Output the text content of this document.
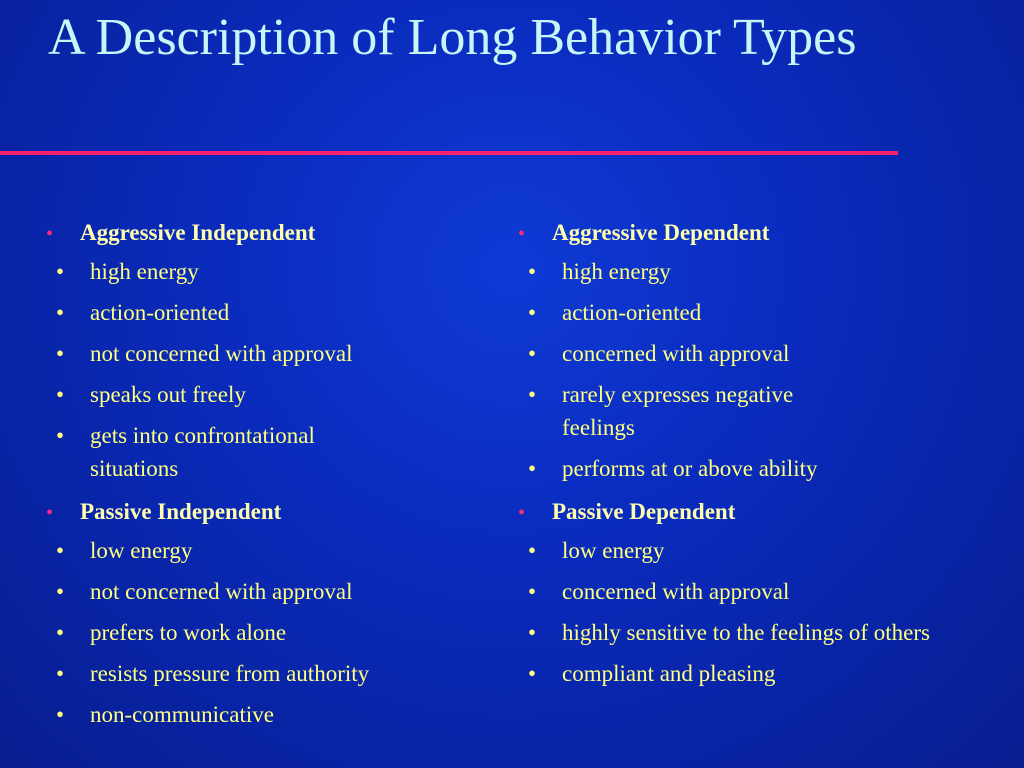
A Description of Long Behavior Types
•	Aggressive Independent
•	high energy
•	action-oriented
•	not concerned with approval
•	speaks out freely
•	gets into confrontational situations
•	Passive Independent
•	low energy
•	not concerned with approval
•	prefers to work alone
•	resists pressure from authority
•	non-communicative
•	Aggressive Dependent
•	high energy
•	action-oriented
•	concerned with approval
•	rarely expresses negative feelings
•	performs at or above ability
•	Passive Dependent
•	low energy
•	concerned with approval
•	highly sensitive to the feelings of others
•	compliant and pleasing
